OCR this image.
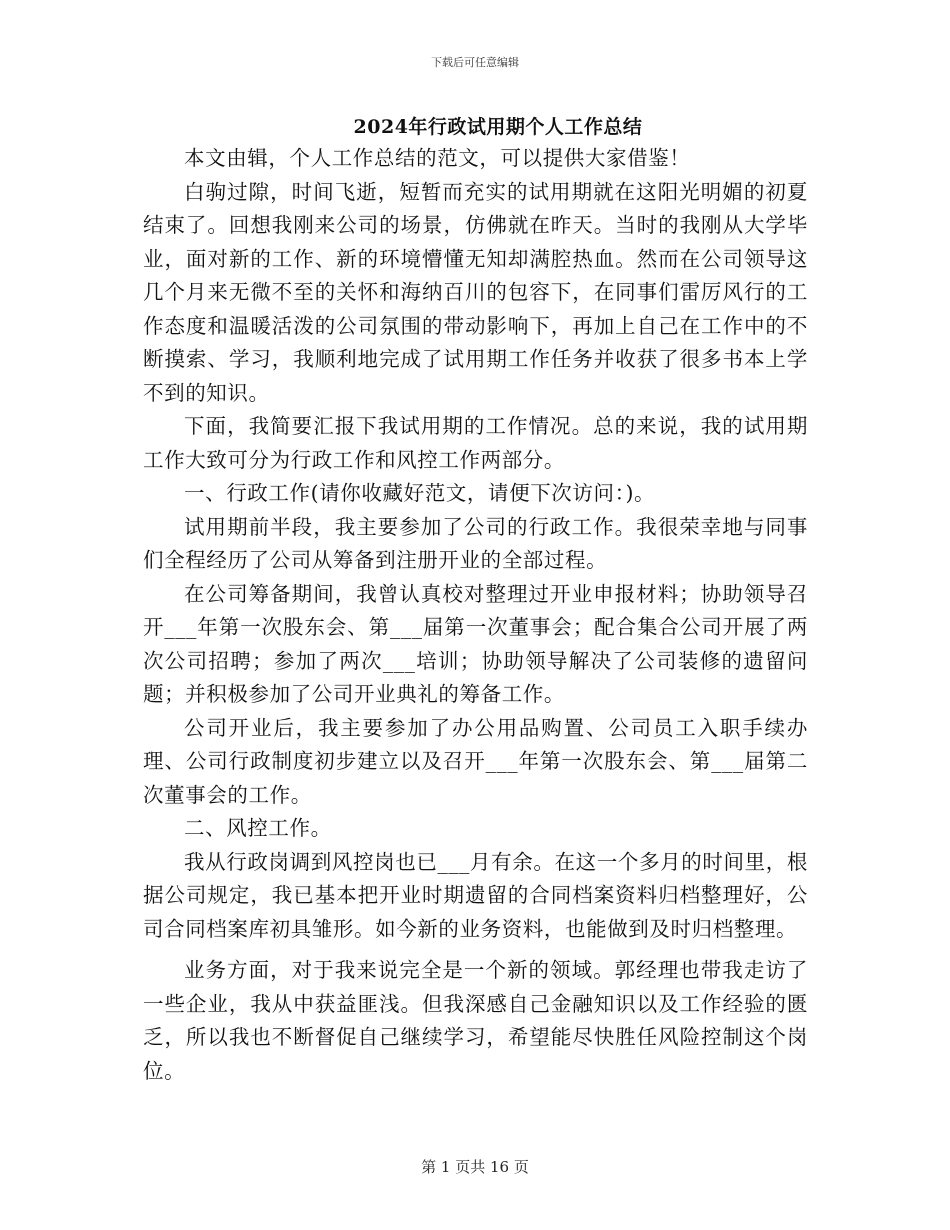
下载后可任意编辑
2024年行政试用期个人工作总结

本文由辑，个人工作总结的范文，可以提供大家借鉴！

白驹过隙，时间飞逝，短暂而充实的试用期就在这阳光明媚的初夏结束了。回想我刚来公司的场景，仿佛就在昨天。当时的我刚从大学毕业，面对新的工作、新的环境懵懂无知却满腔热血。然而在公司领导这几个月来无微不至的关怀和海纳百川的包容下，在同事们雷厉风行的工作态度和温暖活泼的公司氛围的带动影响下，再加上自己在工作中的不断摸索、学习，我顺利地完成了试用期工作任务并收获了很多书本上学不到的知识。

下面，我简要汇报下我试用期的工作情况。总的来说，我的试用期工作大致可分为行政工作和风控工作两部分。

一、行政工作(请你收藏好范文，请便下次访问：)。

试用期前半段，我主要参加了公司的行政工作。我很荣幸地与同事们全程经历了公司从筹备到注册开业的全部过程。

在公司筹备期间，我曾认真校对整理过开业申报材料；协助领导召开___年第一次股东会、第___届第一次董事会；配合集合公司开展了两次公司招聘；参加了两次___培训；协助领导解决了公司装修的遗留问题；并积极参加了公司开业典礼的筹备工作。

公司开业后，我主要参加了办公用品购置、公司员工入职手续办理、公司行政制度初步建立以及召开___年第一次股东会、第___届第二次董事会的工作。

二、风控工作。

我从行政岗调到风控岗也已___月有余。在这一个多月的时间里，根据公司规定，我已基本把开业时期遗留的合同档案资料归档整理好，公司合同档案库初具雏形。如今新的业务资料，也能做到及时归档整理。

业务方面，对于我来说完全是一个新的领域。郭经理也带我走访了一些企业，我从中获益匪浅。但我深感自己金融知识以及工作经验的匮乏，所以我也不断督促自己继续学习，希望能尽快胜任风险控制这个岗位。

第 1 页共 16 页
